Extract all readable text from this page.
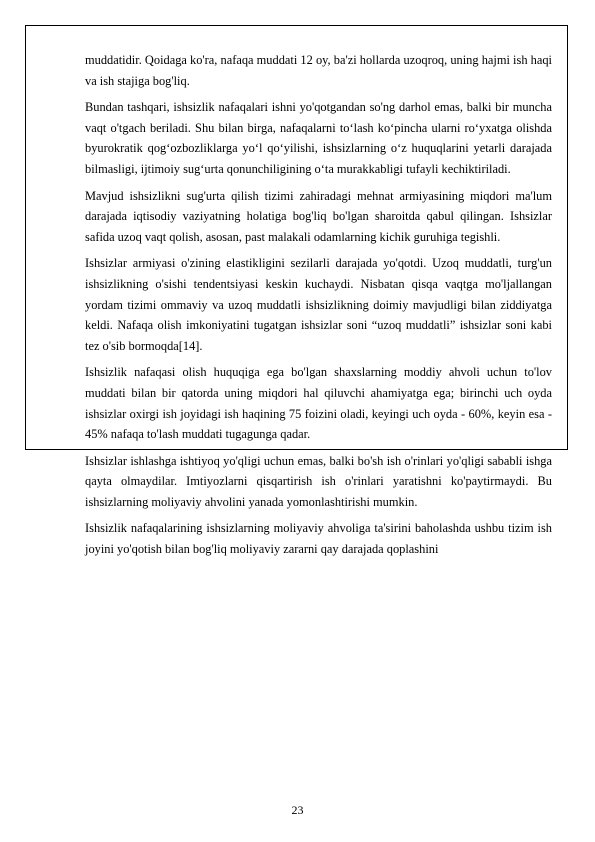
muddatidir. Qoidaga ko'ra, nafaqa muddati 12 oy, ba'zi hollarda uzoqroq, uning hajmi ish haqi va ish stajiga bog'liq.

Bundan tashqari, ishsizlik nafaqalari ishni yo'qotgandan so'ng darhol emas, balki bir muncha vaqt o'tgach beriladi. Shu bilan birga, nafaqalarni to‘lash ko‘pincha ularni ro‘yxatga olishda byurokratik qog‘ozbozliklarga yo‘l qo‘yilishi, ishsizlarning o‘z huquqlarini yetarli darajada bilmasligi, ijtimoiy sug‘urta qonunchiligining o‘ta murakkabligi tufayli kechiktiriladi.

Mavjud ishsizlikni sug'urta qilish tizimi zahiradagi mehnat armiyasining miqdori ma'lum darajada iqtisodiy vaziyatning holatiga bog'liq bo'lgan sharoitda qabul qilingan. Ishsizlar safida uzoq vaqt qolish, asosan, past malakali odamlarning kichik guruhiga tegishli.

Ishsizlar armiyasi o'zining elastikligini sezilarli darajada yo'qotdi. Uzoq muddatli, turg'un ishsizlikning o'sishi tendentsiyasi keskin kuchaydi. Nisbatan qisqa vaqtga mo'ljallangan yordam tizimi ommaviy va uzoq muddatli ishsizlikning doimiy mavjudligi bilan ziddiyatga keldi. Nafaqa olish imkoniyatini tugatgan ishsizlar soni “uzoq muddatli” ishsizlar soni kabi tez o'sib bormoqda[14].

Ishsizlik nafaqasi olish huquqiga ega bo'lgan shaxslarning moddiy ahvoli uchun to'lov muddati bilan bir qatorda uning miqdori hal qiluvchi ahamiyatga ega; birinchi uch oyda ishsizlar oxirgi ish joyidagi ish haqining 75 foizini oladi, keyingi uch oyda - 60%, keyin esa - 45% nafaqa to'lash muddati tugagunga qadar.

Ishsizlar ishlashga ishtiyoq yo'qligi uchun emas, balki bo'sh ish o'rinlari yo'qligi sababli ishga qayta olmaydilar. Imtiyozlarni qisqartirish ish o'rinlari yaratishni ko'paytirmaydi. Bu ishsizlarning moliyaviy ahvolini yanada yomonlashtirishi mumkin.

Ishsizlik nafaqalarining ishsizlarning moliyaviy ahvoliga ta'sirini baholashda ushbu tizim ish joyini yo'qotish bilan bog'liq moliyaviy zararni qay darajada qoplashini

23
